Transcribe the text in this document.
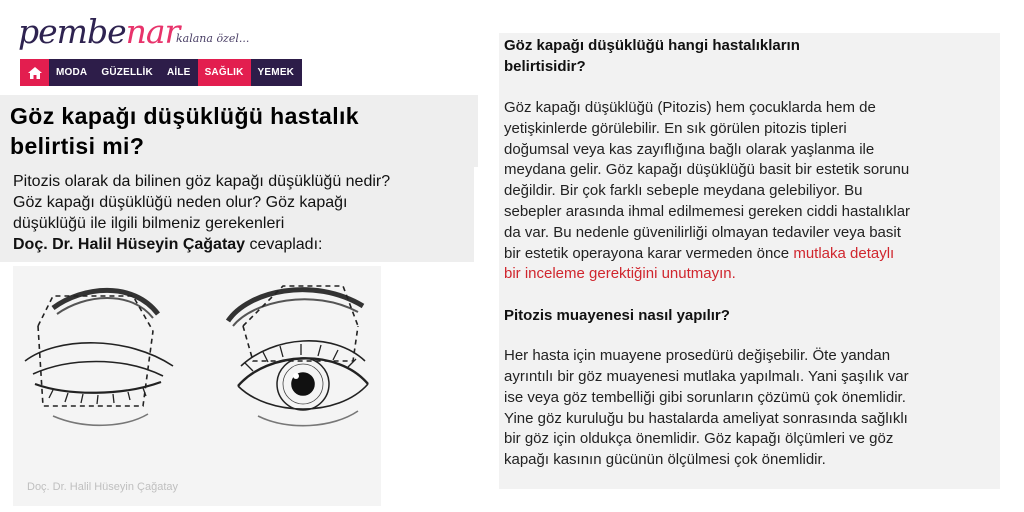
pembenar
kalana özel...
MODA	GÜZELLİK	AİLE	SAĞLIK	YEMEK
Göz kapağı düşüklüğü hastalık
belirtisi mi?
Pitozis olarak da bilinen göz kapağı düşüklüğü nedir?
Göz kapağı düşüklüğü neden olur? Göz kapağı
düşüklüğü ile ilgili bilmeniz gerekenleri
Doç. Dr. Halil Hüseyin Çağatay cevapladı:
Doç. Dr. Halil Hüseyin Çağatay
Göz kapağı düşüklüğü hangi hastalıkların
belirtisidir?
Göz kapağı düşüklüğü (Pitozis) hem çocuklarda hem de
yetişkinlerde görülebilir. En sık görülen pitozis tipleri
doğumsal veya kas zayıflığına bağlı olarak yaşlanma ile
meydana gelir. Göz kapağı düşüklüğü basit bir estetik sorunu
değildir. Bir çok farklı sebeple meydana gelebiliyor. Bu
sebepler arasında ihmal edilmemesi gereken ciddi hastalıklar
da var. Bu nedenle güvenilirliği olmayan tedaviler veya basit
bir estetik operayona karar vermeden önce mutlaka detaylı
bir inceleme gerektiğini unutmayın.
Pitozis muayenesi nasıl yapılır?
Her hasta için muayene prosedürü değişebilir. Öte yandan
ayrıntılı bir göz muayenesi mutlaka yapılmalı. Yani şaşılık var
ise veya göz tembelliği gibi sorunların çözümü çok önemlidir.
Yine göz kuruluğu bu hastalarda ameliyat sonrasında sağlıklı
bir göz için oldukça önemlidir. Göz kapağı ölçümleri ve göz
kapağı kasının gücünün ölçülmesi çok önemlidir.
